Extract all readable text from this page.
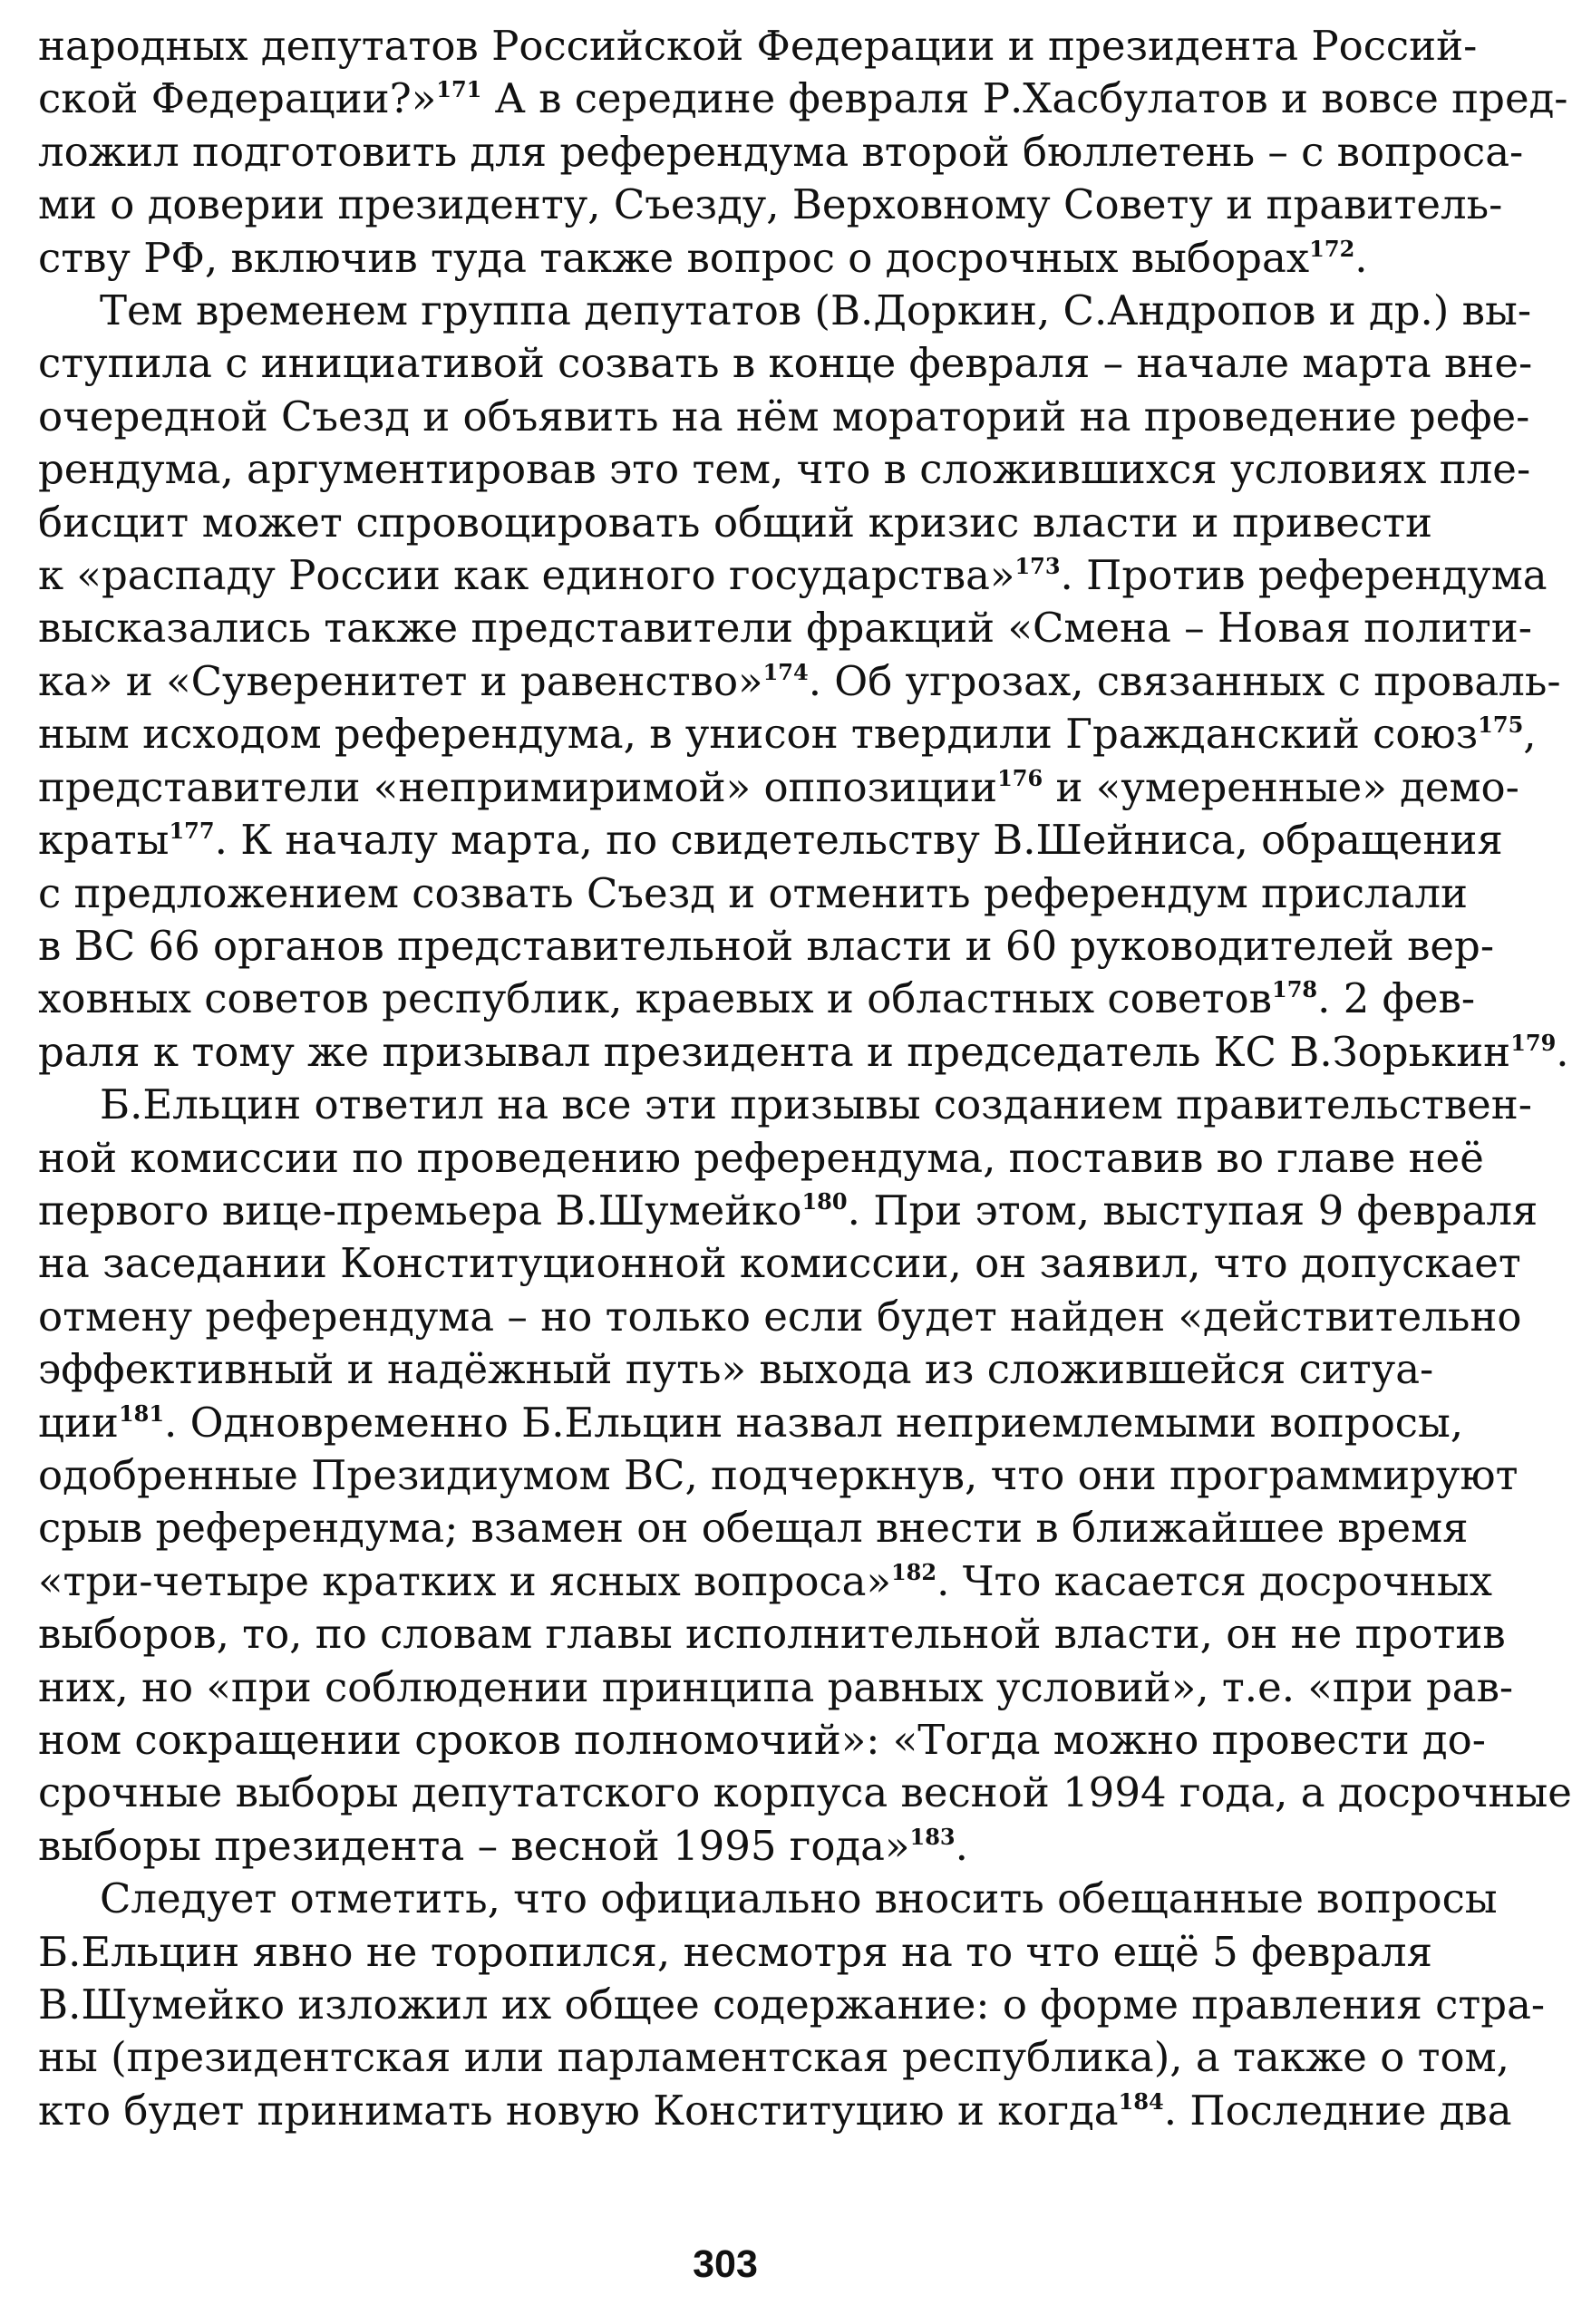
народных депутатов Российской Федерации и президента Россий-
ской Федерации?»$^{171}$ А в середине февраля Р.Хасбулатов и вовсе пред-
ложил подготовить для референдума второй бюллетень – с вопроса-
ми о доверии президенту, Съезду, Верховному Совету и правитель-
ству РФ, включив туда также вопрос о досрочных выборах$^{172}$.
Тем временем группа депутатов (В.Доркин, С.Андропов и др.) вы-
ступила с инициативой созвать в конце февраля – начале марта вне-
очередной Съезд и объявить на нём мораторий на проведение рефе-
рендума, аргументировав это тем, что в сложившихся условиях пле-
бисцит может спровоцировать общий кризис власти и привести
к «распаду России как единого государства»$^{173}$. Против референдума
высказались также представители фракций «Смена – Новая полити-
ка» и «Суверенитет и равенство»$^{174}$. Об угрозах, связанных с проваль-
ным исходом референдума, в унисон твердили Гражданский союз$^{175}$,
представители «непримиримой» оппозиции$^{176}$ и «умеренные» демо-
краты$^{177}$. К началу марта, по свидетельству В.Шейниса, обращения
с предложением созвать Съезд и отменить референдум прислали
в ВС 66 органов представительной власти и 60 руководителей вер-
ховных советов республик, краевых и областных советов$^{178}$. 2 фев-
раля к тому же призывал президента и председатель КС В.Зорькин$^{179}$.
Б.Ельцин ответил на все эти призывы созданием правительствен-
ной комиссии по проведению референдума, поставив во главе неё
первого вице-премьера В.Шумейко$^{180}$. При этом, выступая 9 февраля
на заседании Конституционной комиссии, он заявил, что допускает
отмену референдума – но только если будет найден «действительно
эффективный и надёжный путь» выхода из сложившейся ситуа-
ции$^{181}$. Одновременно Б.Ельцин назвал неприемлемыми вопросы,
одобренные Президиумом ВС, подчеркнув, что они программируют
срыв референдума; взамен он обещал внести в ближайшее время
«три-четыре кратких и ясных вопроса»$^{182}$. Что касается досрочных
выборов, то, по словам главы исполнительной власти, он не против
них, но «при соблюдении принципа равных условий», т.е. «при рав-
ном сокращении сроков полномочий»: «Тогда можно провести до-
срочные выборы депутатского корпуса весной 1994 года, а досрочные
выборы президента – весной 1995 года»$^{183}$.
Следует отметить, что официально вносить обещанные вопросы
Б.Ельцин явно не торопился, несмотря на то что ещё 5 февраля
В.Шумейко изложил их общее содержание: о форме правления стра-
ны (президентская или парламентская республика), а также о том,
кто будет принимать новую Конституцию и когда$^{184}$. Последние два
303
